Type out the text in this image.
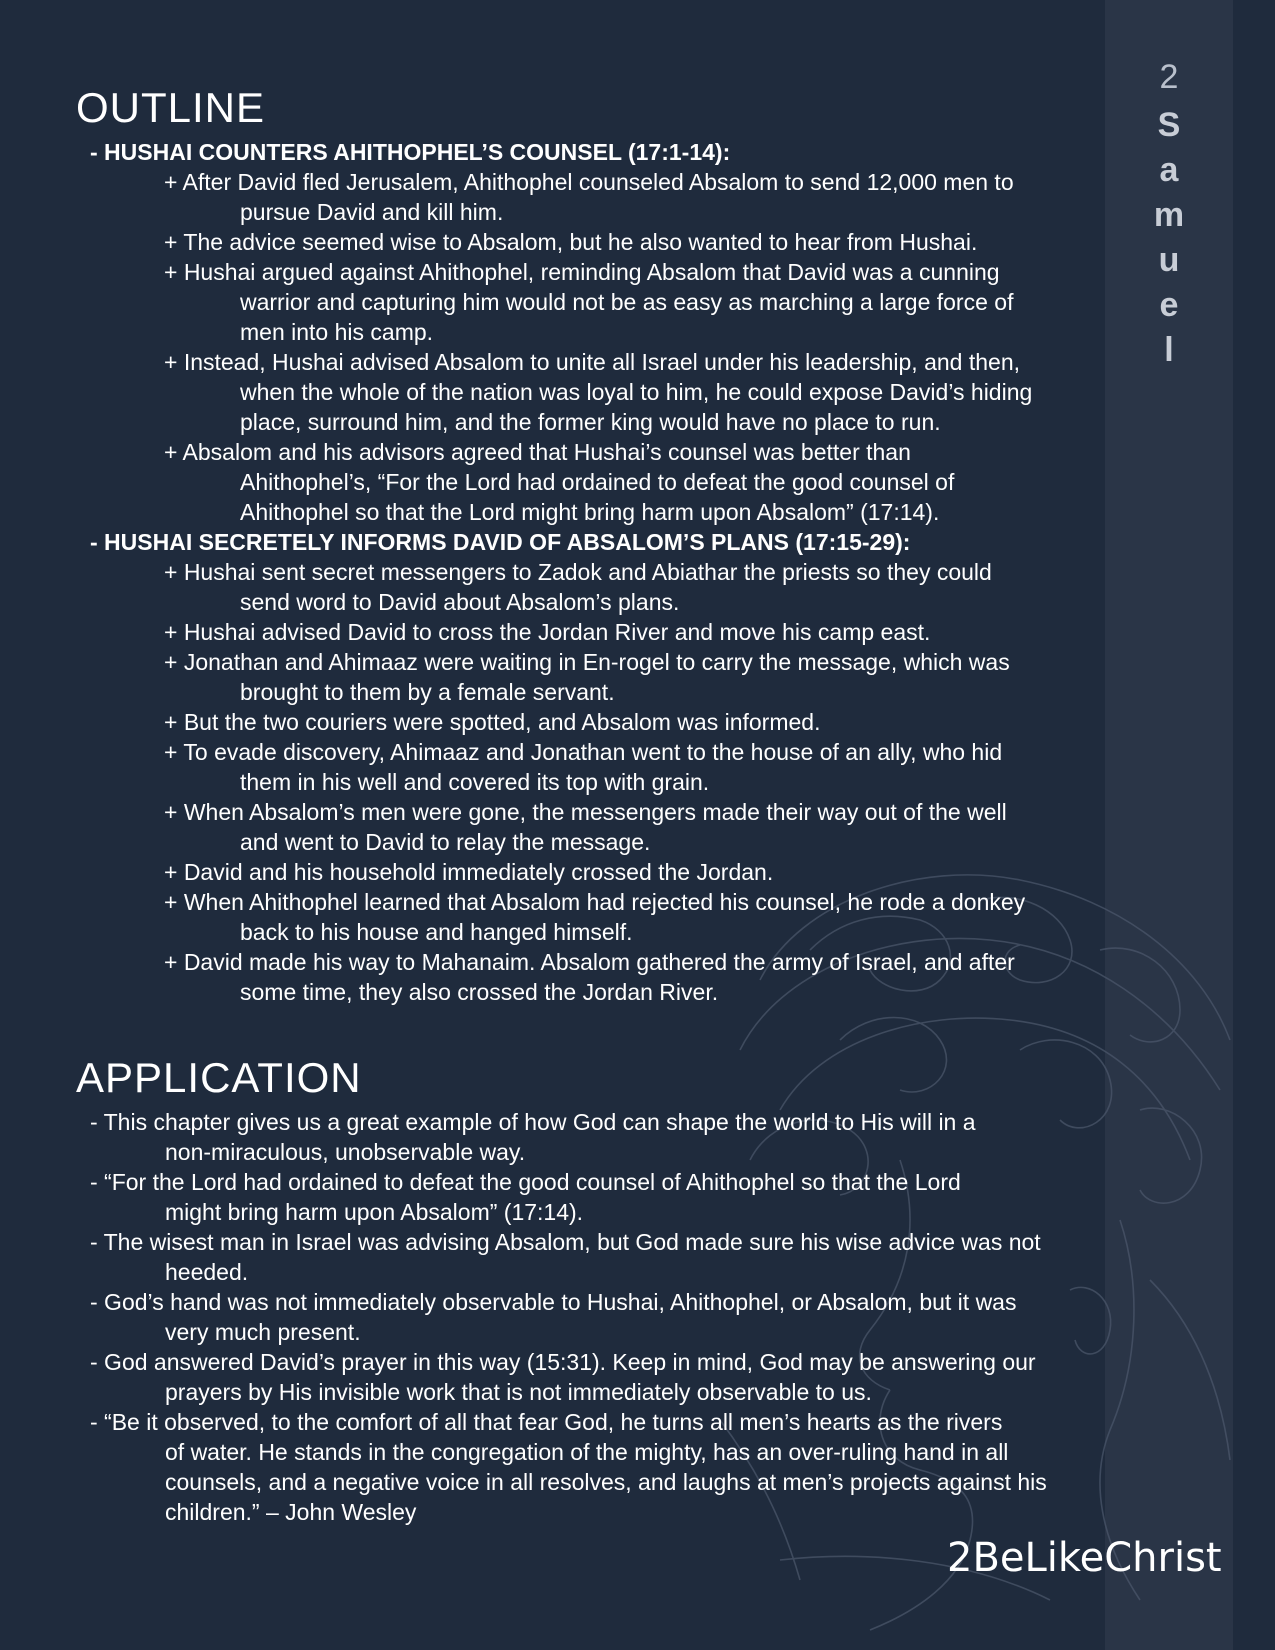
2
S
a
m
u
e
l
OUTLINE
- HUSHAI COUNTERS AHITHOPHEL’S COUNSEL (17:1-14):
+ After David fled Jerusalem, Ahithophel counseled Absalom to send 12,000 men to
pursue David and kill him.
+ The advice seemed wise to Absalom, but he also wanted to hear from Hushai.
+ Hushai argued against Ahithophel, reminding Absalom that David was a cunning
warrior and capturing him would not be as easy as marching a large force of
men into his camp.
+ Instead, Hushai advised Absalom to unite all Israel under his leadership, and then,
when the whole of the nation was loyal to him, he could expose David’s hiding
place, surround him, and the former king would have no place to run.
+ Absalom and his advisors agreed that Hushai’s counsel was better than
Ahithophel’s, “For the Lord had ordained to defeat the good counsel of
Ahithophel so that the Lord might bring harm upon Absalom” (17:14).
- HUSHAI SECRETELY INFORMS DAVID OF ABSALOM’S PLANS (17:15-29):
+ Hushai sent secret messengers to Zadok and Abiathar the priests so they could
send word to David about Absalom’s plans.
+ Hushai advised David to cross the Jordan River and move his camp east.
+ Jonathan and Ahimaaz were waiting in En-rogel to carry the message, which was
brought to them by a female servant.
+ But the two couriers were spotted, and Absalom was informed.
+ To evade discovery, Ahimaaz and Jonathan went to the house of an ally, who hid
them in his well and covered its top with grain.
+ When Absalom’s men were gone, the messengers made their way out of the well
and went to David to relay the message.
+ David and his household immediately crossed the Jordan.
+ When Ahithophel learned that Absalom had rejected his counsel, he rode a donkey
back to his house and hanged himself.
+ David made his way to Mahanaim. Absalom gathered the army of Israel, and after
some time, they also crossed the Jordan River.
APPLICATION
- This chapter gives us a great example of how God can shape the world to His will in a
non-miraculous, unobservable way.
- “For the Lord had ordained to defeat the good counsel of Ahithophel so that the Lord
might bring harm upon Absalom” (17:14).
- The wisest man in Israel was advising Absalom, but God made sure his wise advice was not
heeded.
- God’s hand was not immediately observable to Hushai, Ahithophel, or Absalom, but it was
very much present.
- God answered David’s prayer in this way (15:31). Keep in mind, God may be answering our
prayers by His invisible work that is not immediately observable to us.
- “Be it observed, to the comfort of all that fear God, he turns all men’s hearts as the rivers
of water. He stands in the congregation of the mighty, has an over-ruling hand in all
counsels, and a negative voice in all resolves, and laughs at men’s projects against his
children.” – John Wesley
2BeLikeChrist
